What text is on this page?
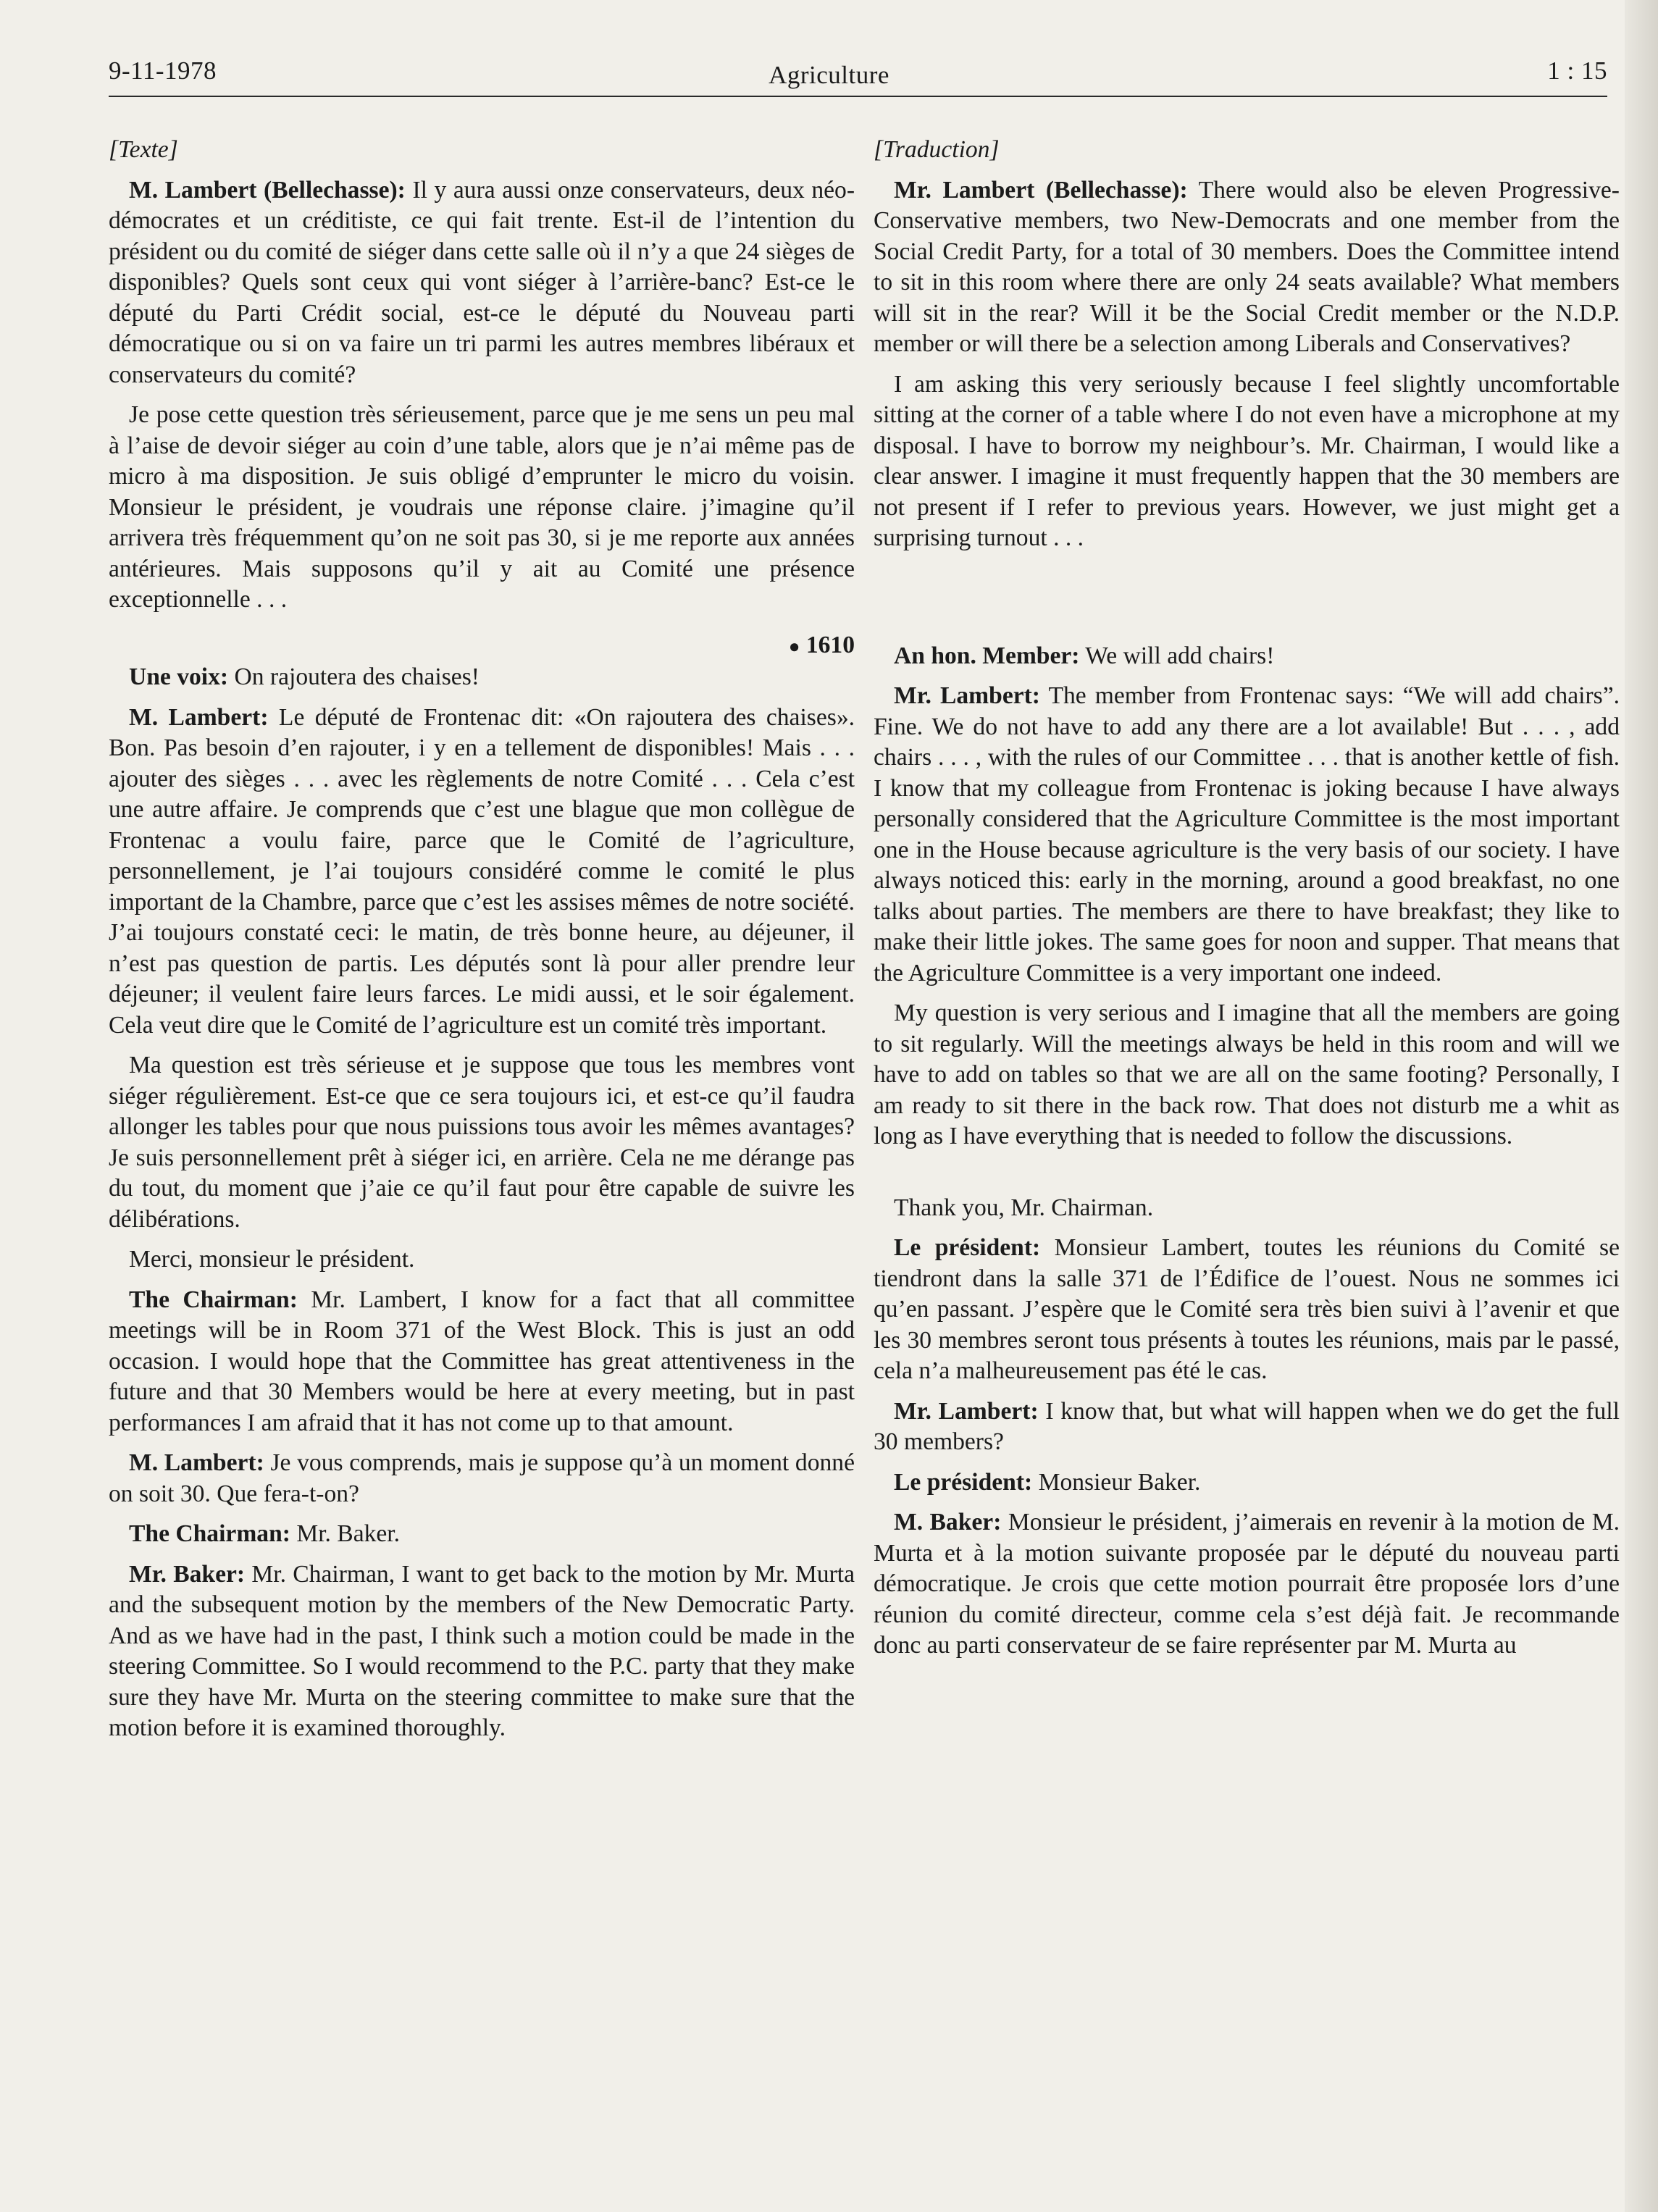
9-11-1978	Agriculture	1 : 15

[Texte]

M. Lambert (Bellechasse): Il y aura aussi onze conservateurs, deux néo-démocrates et un créditiste, ce qui fait trente. Est-il de l’intention du président ou du comité de siéger dans cette salle où il n’y a que 24 sièges de disponibles? Quels sont ceux qui vont siéger à l’arrière-banc? Est-ce le député du Parti Crédit social, est-ce le député du Nouveau parti démocratique ou si on va faire un tri parmi les autres membres libéraux et conservateurs du comité?

Je pose cette question très sérieusement, parce que je me sens un peu mal à l’aise de devoir siéger au coin d’une table, alors que je n’ai même pas de micro à ma disposition. Je suis obligé d’emprunter le micro du voisin. Monsieur le président, je voudrais une réponse claire. j’imagine qu’il arrivera très fréquemment qu’on ne soit pas 30, si je me reporte aux années antérieures. Mais supposons qu’il y ait au Comité une présence exceptionnelle . . .

● 1610

Une voix: On rajoutera des chaises!

M. Lambert: Le député de Frontenac dit: «On rajoutera des chaises». Bon. Pas besoin d’en rajouter, i y en a tellement de disponibles! Mais . . . ajouter des sièges . . . avec les règlements de notre Comité . . . Cela c’est une autre affaire. Je comprends que c’est une blague que mon collègue de Frontenac a voulu faire, parce que le Comité de l’agriculture, personnellement, je l’ai toujours considéré comme le comité le plus important de la Chambre, parce que c’est les assises mêmes de notre société. J’ai toujours constaté ceci: le matin, de très bonne heure, au déjeuner, il n’est pas question de partis. Les députés sont là pour aller prendre leur déjeuner; il veulent faire leurs farces. Le midi aussi, et le soir également. Cela veut dire que le Comité de l’agriculture est un comité très important.

Ma question est très sérieuse et je suppose que tous les membres vont siéger régulièrement. Est-ce que ce sera toujours ici, et est-ce qu’il faudra allonger les tables pour que nous puissions tous avoir les mêmes avantages? Je suis personnellement prêt à siéger ici, en arrière. Cela ne me dérange pas du tout, du moment que j’aie ce qu’il faut pour être capable de suivre les délibérations.

Merci, monsieur le président.

The Chairman: Mr. Lambert, I know for a fact that all committee meetings will be in Room 371 of the West Block. This is just an odd occasion. I would hope that the Committee has great attentiveness in the future and that 30 Members would be here at every meeting, but in past performances I am afraid that it has not come up to that amount.

M. Lambert: Je vous comprends, mais je suppose qu’à un moment donné on soit 30. Que fera-t-on?

The Chairman: Mr. Baker.

Mr. Baker: Mr. Chairman, I want to get back to the motion by Mr. Murta and the subsequent motion by the members of the New Democratic Party. And as we have had in the past, I think such a motion could be made in the steering Committee. So I would recommend to the P.C. party that they make sure they have Mr. Murta on the steering committee to make sure that the motion before it is examined thoroughly.

[Traduction]

Mr. Lambert (Bellechasse): There would also be eleven Progressive-Conservative members, two New-Democrats and one member from the Social Credit Party, for a total of 30 members. Does the Committee intend to sit in this room where there are only 24 seats available? What members will sit in the rear? Will it be the Social Credit member or the N.D.P. member or will there be a selection among Liberals and Conservatives?

I am asking this very seriously because I feel slightly uncomfortable sitting at the corner of a table where I do not even have a microphone at my disposal. I have to borrow my neighbour’s. Mr. Chairman, I would like a clear answer. I imagine it must frequently happen that the 30 members are not present if I refer to previous years. However, we just might get a surprising turnout . . .

An hon. Member: We will add chairs!

Mr. Lambert: The member from Frontenac says: “We will add chairs”. Fine. We do not have to add any there are a lot available! But . . . , add chairs . . . , with the rules of our Committee . . . that is another kettle of fish. I know that my colleague from Frontenac is joking because I have always personally considered that the Agriculture Committee is the most important one in the House because agriculture is the very basis of our society. I have always noticed this: early in the morning, around a good breakfast, no one talks about parties. The members are there to have breakfast; they like to make their little jokes. The same goes for noon and supper. That means that the Agriculture Committee is a very important one indeed.

My question is very serious and I imagine that all the members are going to sit regularly. Will the meetings always be held in this room and will we have to add on tables so that we are all on the same footing? Personally, I am ready to sit there in the back row. That does not disturb me a whit as long as I have everything that is needed to follow the discussions.

Thank you, Mr. Chairman.

Le président: Monsieur Lambert, toutes les réunions du Comité se tiendront dans la salle 371 de l’Édifice de l’ouest. Nous ne sommes ici qu’en passant. J’espère que le Comité sera très bien suivi à l’avenir et que les 30 membres seront tous présents à toutes les réunions, mais par le passé, cela n’a malheureusement pas été le cas.

Mr. Lambert: I know that, but what will happen when we do get the full 30 members?

Le président: Monsieur Baker.

M. Baker: Monsieur le président, j’aimerais en revenir à la motion de M. Murta et à la motion suivante proposée par le député du nouveau parti démocratique. Je crois que cette motion pourrait être proposée lors d’une réunion du comité directeur, comme cela s’est déjà fait. Je recommande donc au parti conservateur de se faire représenter par M. Murta au
